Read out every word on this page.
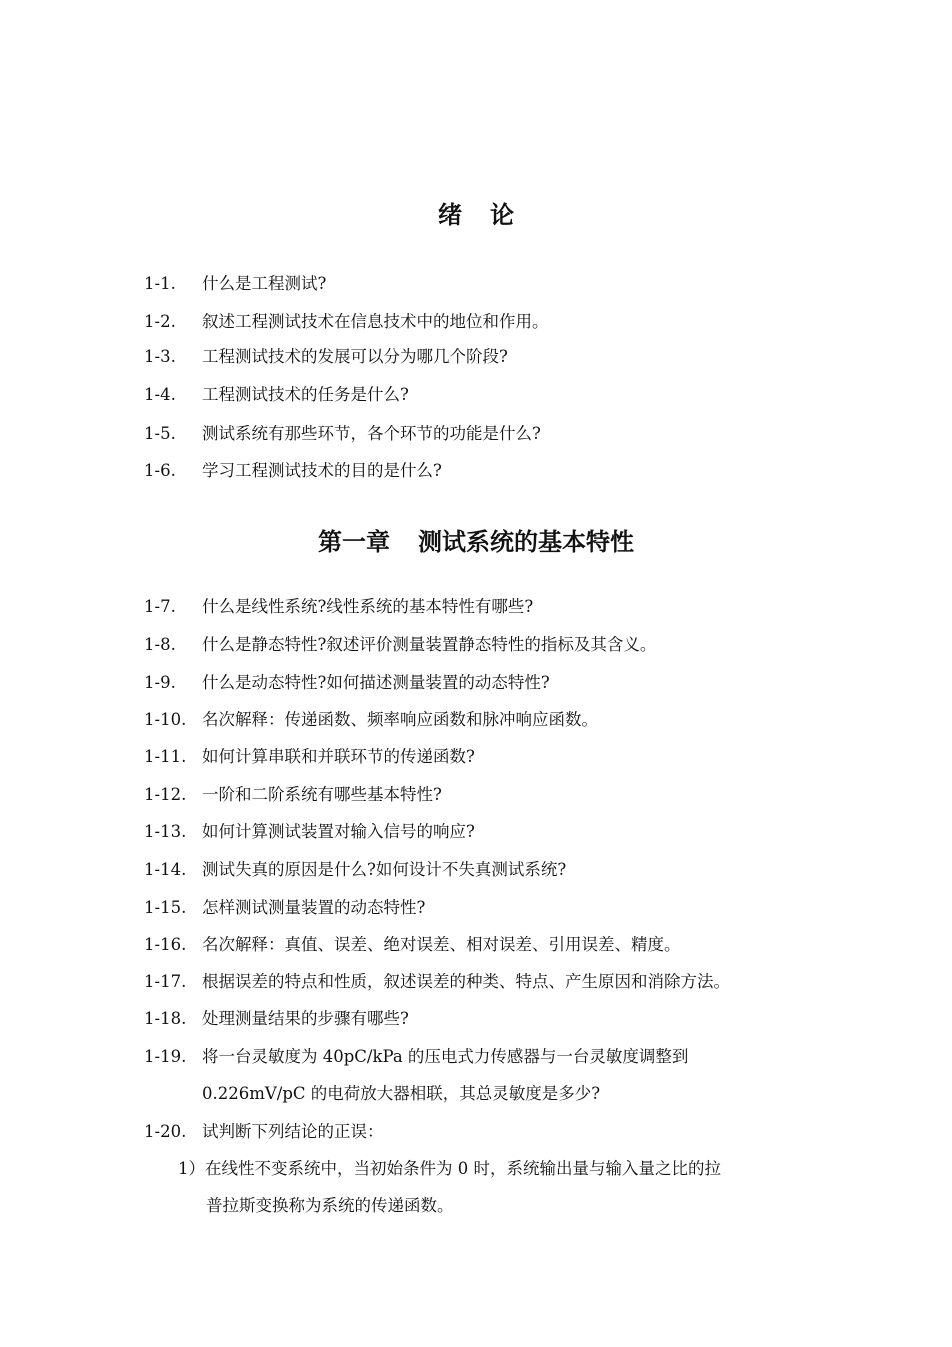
绪 论
1-1. 什么是工程测试?
1-2. 叙述工程测试技术在信息技术中的地位和作用。
1-3. 工程测试技术的发展可以分为哪几个阶段?
1-4. 工程测试技术的任务是什么?
1-5. 测试系统有那些环节，各个环节的功能是什么?
1-6. 学习工程测试技术的目的是什么?
第一章 测试系统的基本特性
1-7. 什么是线性系统?线性系统的基本特性有哪些?
1-8. 什么是静态特性?叙述评价测量装置静态特性的指标及其含义。
1-9. 什么是动态特性?如何描述测量装置的动态特性?
1-10. 名次解释：传递函数、频率响应函数和脉冲响应函数。
1-11. 如何计算串联和并联环节的传递函数?
1-12. 一阶和二阶系统有哪些基本特性?
1-13. 如何计算测试装置对输入信号的响应?
1-14. 测试失真的原因是什么?如何设计不失真测试系统?
1-15. 怎样测试测量装置的动态特性?
1-16. 名次解释：真值、误差、绝对误差、相对误差、引用误差、精度。
1-17. 根据误差的特点和性质，叙述误差的种类、特点、产生原因和消除方法。
1-18. 处理测量结果的步骤有哪些?
1-19. 将一台灵敏度为 40pC/kPa 的压电式力传感器与一台灵敏度调整到
0.226mV/pC 的电荷放大器相联，其总灵敏度是多少?
1-20. 试判断下列结论的正误：
1）在线性不变系统中，当初始条件为 0 时，系统输出量与输入量之比的拉
普拉斯变换称为系统的传递函数。
